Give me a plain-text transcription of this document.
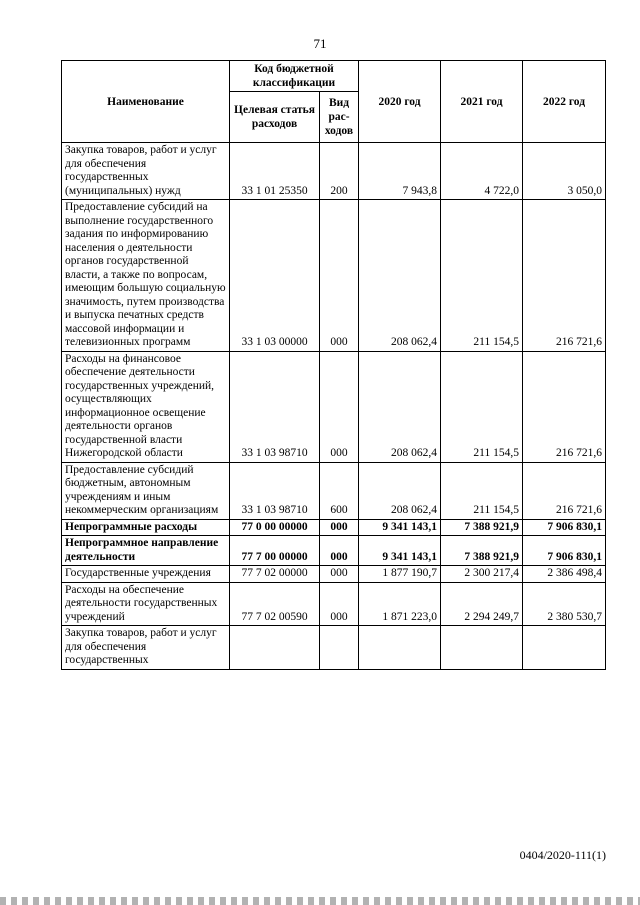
71
Наименование	Код бюджетной классификации		2020 год	2021 год	2022 год
	Целевая статья расходов	Вид рас-ходов			
Закупка товаров, работ и услуг для обеспечения государственных (муниципальных) нужд	33 1 01 25350	200	7 943,8	4 722,0	3 050,0
Предоставление субсидий на выполнение государственного задания по информированию населения о деятельности органов государственной власти, а также по вопросам, имеющим большую социальную значимость, путем производства и выпуска печатных средств массовой информации и телевизионных программ	33 1 03 00000	000	208 062,4	211 154,5	216 721,6
Расходы на финансовое обеспечение деятельности государственных учреждений, осуществляющих информационное освещение деятельности органов государственной власти Нижегородской области	33 1 03 98710	000	208 062,4	211 154,5	216 721,6
Предоставление субсидий бюджетным, автономным учреждениям и иным некоммерческим организациям	33 1 03 98710	600	208 062,4	211 154,5	216 721,6
Непрограммные расходы	77 0 00 00000	000	9 341 143,1	7 388 921,9	7 906 830,1
Непрограммное направление деятельности	77 7 00 00000	000	9 341 143,1	7 388 921,9	7 906 830,1
Государственные учреждения	77 7 02 00000	000	1 877 190,7	2 300 217,4	2 386 498,4
Расходы на обеспечение деятельности государственных учреждений	77 7 02 00590	000	1 871 223,0	2 294 249,7	2 380 530,7
Закупка товаров, работ и услуг для обеспечения государственных					
0404/2020-111(1)
